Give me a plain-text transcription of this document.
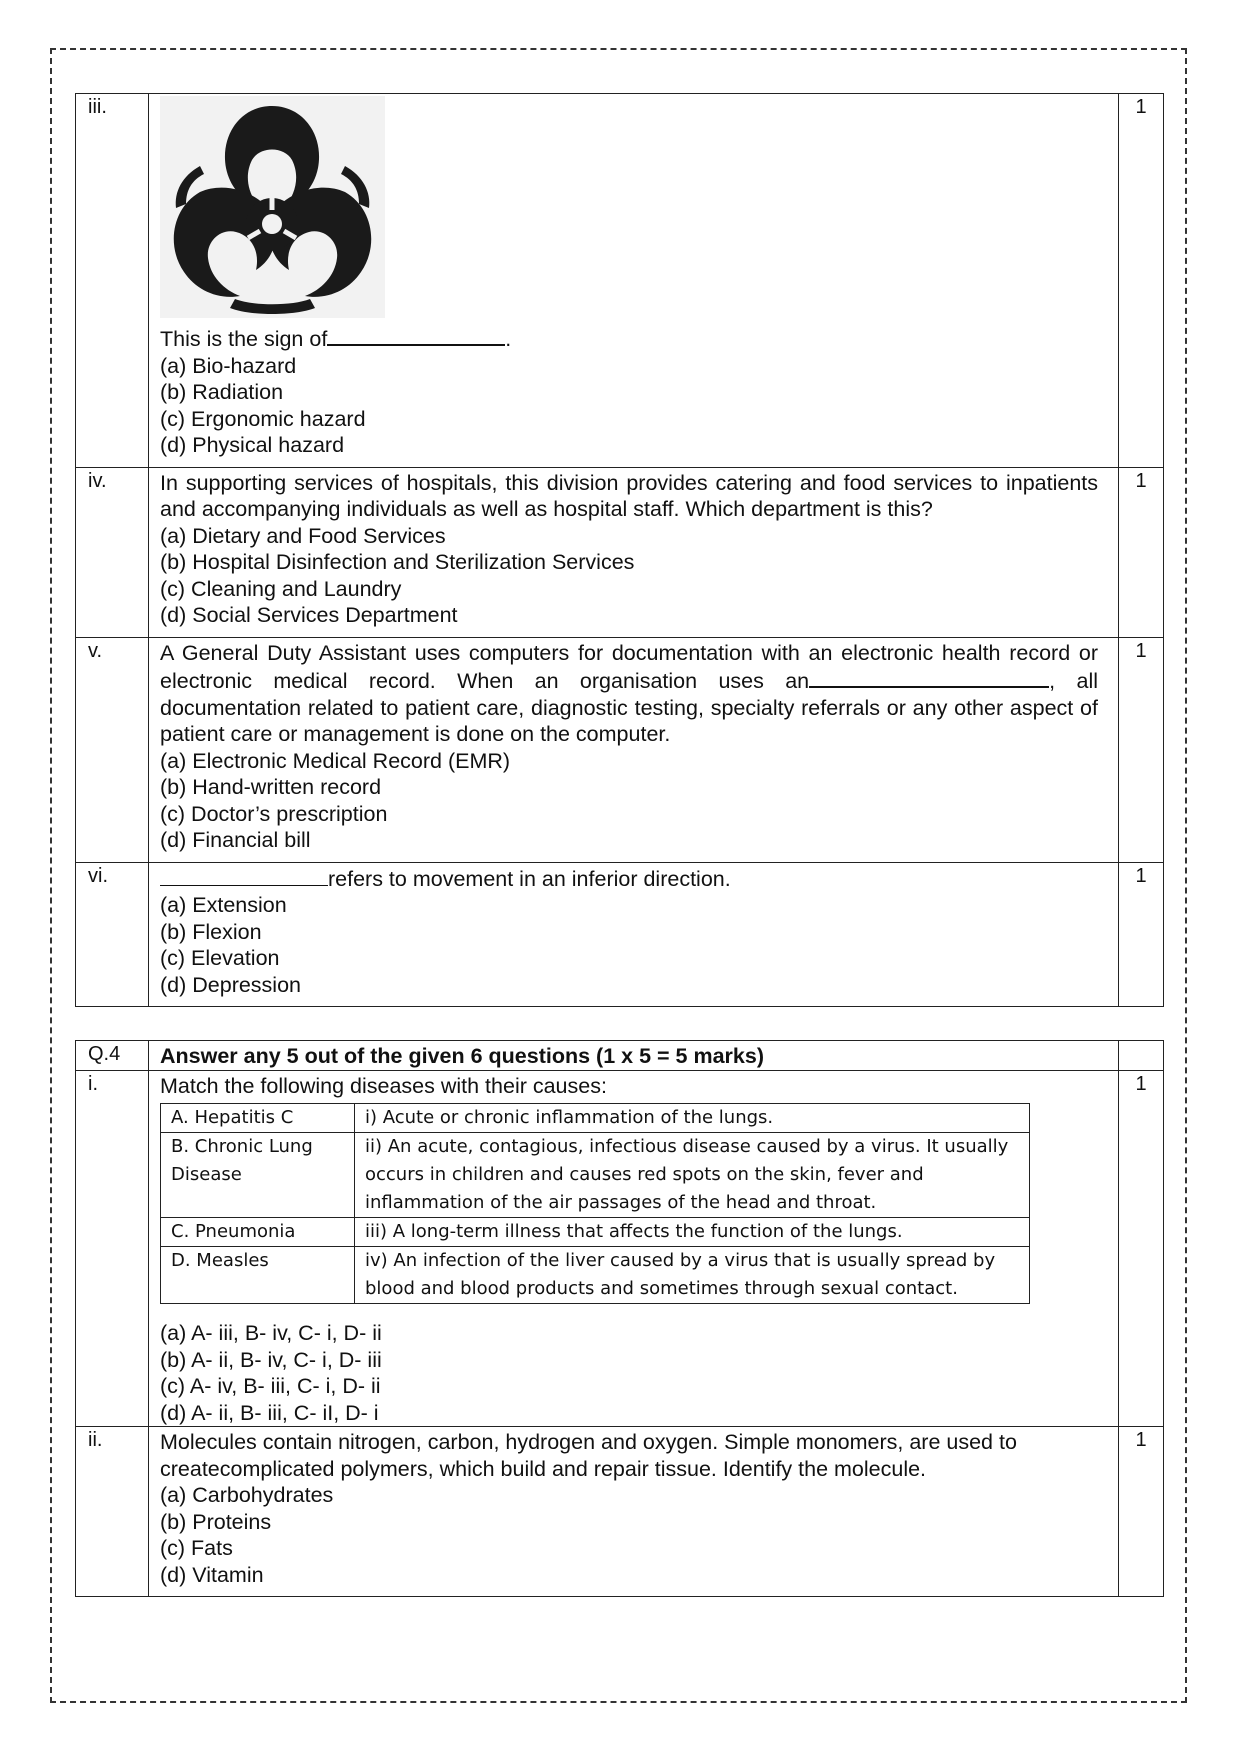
iii.	This is the sign of .
(a) Bio-hazard
(b) Radiation
(c) Ergonomic hazard
(d) Physical hazard	1
iv.	In supporting services of hospitals, this division provides catering and food services to inpatients and accompanying individuals as well as hospital staff. Which department is this?
(a) Dietary and Food Services
(b) Hospital Disinfection and Sterilization Services
(c) Cleaning and Laundry
(d) Social Services Department	1
v.	A General Duty Assistant uses computers for documentation with an electronic health record or electronic medical record. When an organisation uses an , all documentation related to patient care, diagnostic testing, specialty referrals or any other aspect of patient care or management is done on the computer.
(a) Electronic Medical Record (EMR)
(b) Hand-written record
(c) Doctor’s prescription
(d) Financial bill	1
vi.	refers to movement in an inferior direction.
(a) Extension
(b) Flexion
(c) Elevation
(d) Depression	1
Q.4	Answer any 5 out of the given 6 questions (1 x 5 = 5 marks)	
i.	Match the following diseases with their causes:
A. Hepatitis C	i) Acute or chronic inflammation of the lungs.
B. Chronic Lung Disease	ii) An acute, contagious, infectious disease caused by a virus. It usually occurs in children and causes red spots on the skin, fever and inflammation of the air passages of the head and throat.
C. Pneumonia	iii) A long-term illness that affects the function of the lungs.
D. Measles	iv) An infection of the liver caused by a virus that is usually spread by blood and blood products and sometimes through sexual contact.
(a) A- iii, B- iv, C- i, D- ii
(b) A- ii, B- iv, C- i, D- iii
(c) A- iv, B- iii, C- i, D- ii
(d) A- ii, B- iii, C- iI, D- i
	1
ii.	Molecules contain nitrogen, carbon, hydrogen and oxygen. Simple monomers, are used to createcomplicated polymers, which build and repair tissue. Identify the molecule.
(a) Carbohydrates
(b) Proteins
(c) Fats
(d) Vitamin
	1
